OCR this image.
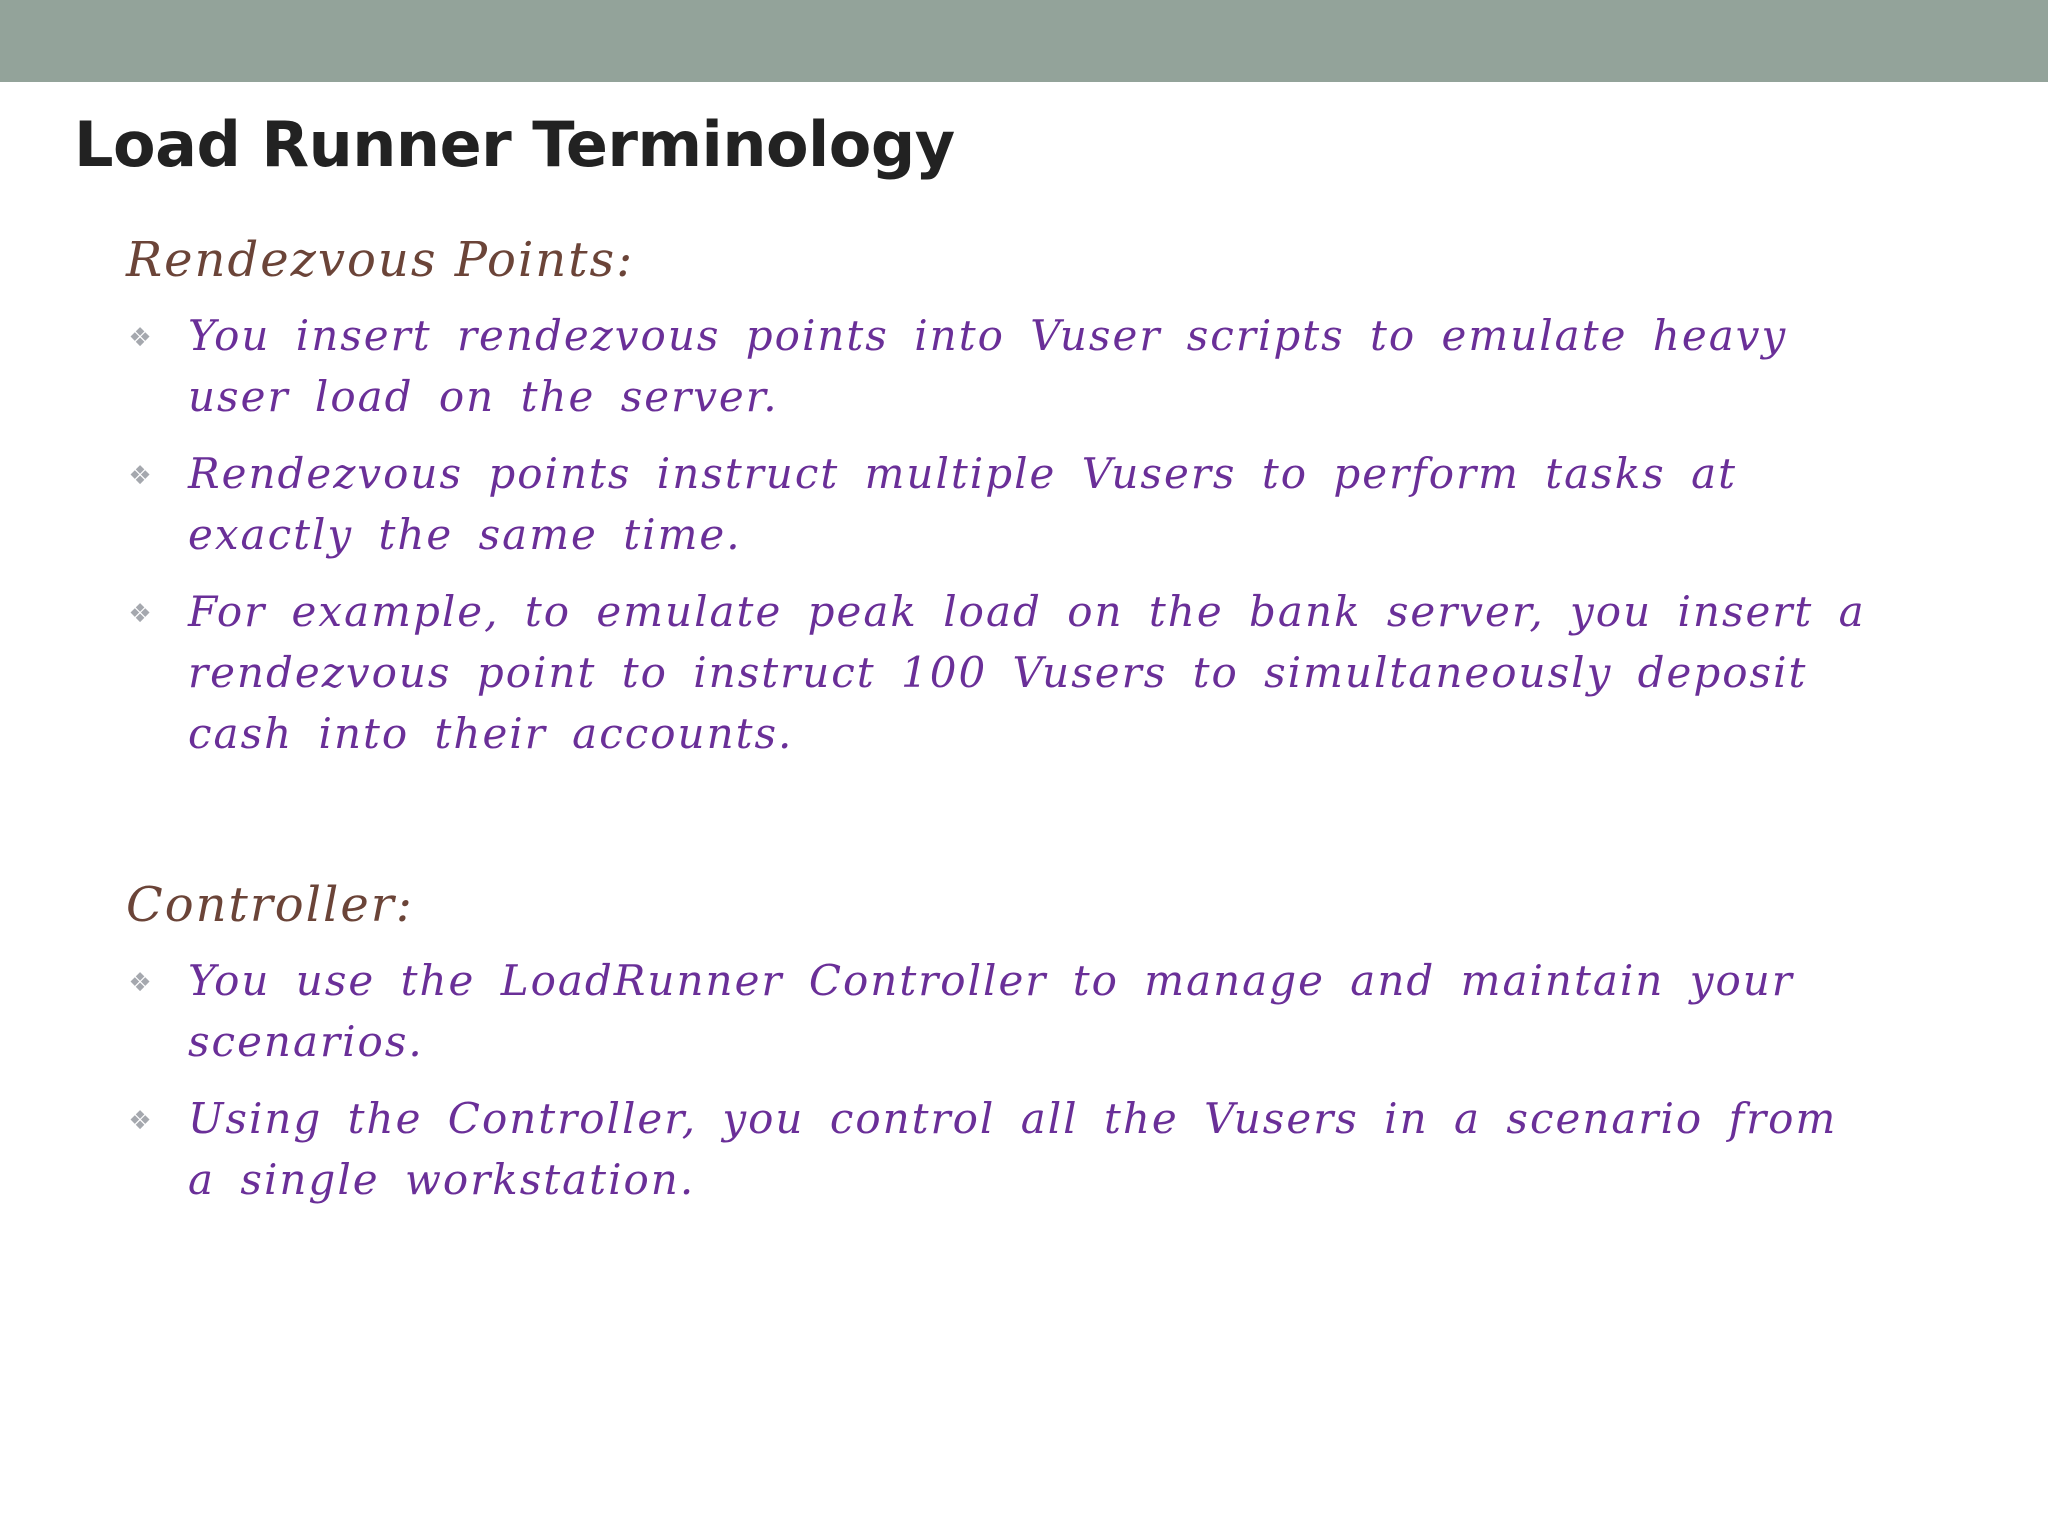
Load Runner Terminology
Rendezvous Points:
❖ You insert rendezvous points into Vuser scripts to emulate heavy user load on the server.
❖ Rendezvous points instruct multiple Vusers to perform tasks at exactly the same time.
❖ For example, to emulate peak load on the bank server, you insert a rendezvous point to instruct 100 Vusers to simultaneously deposit cash into their accounts.
Controller:
❖ You use the LoadRunner Controller to manage and maintain your scenarios.
❖ Using the Controller, you control all the Vusers in a scenario from a single workstation.
